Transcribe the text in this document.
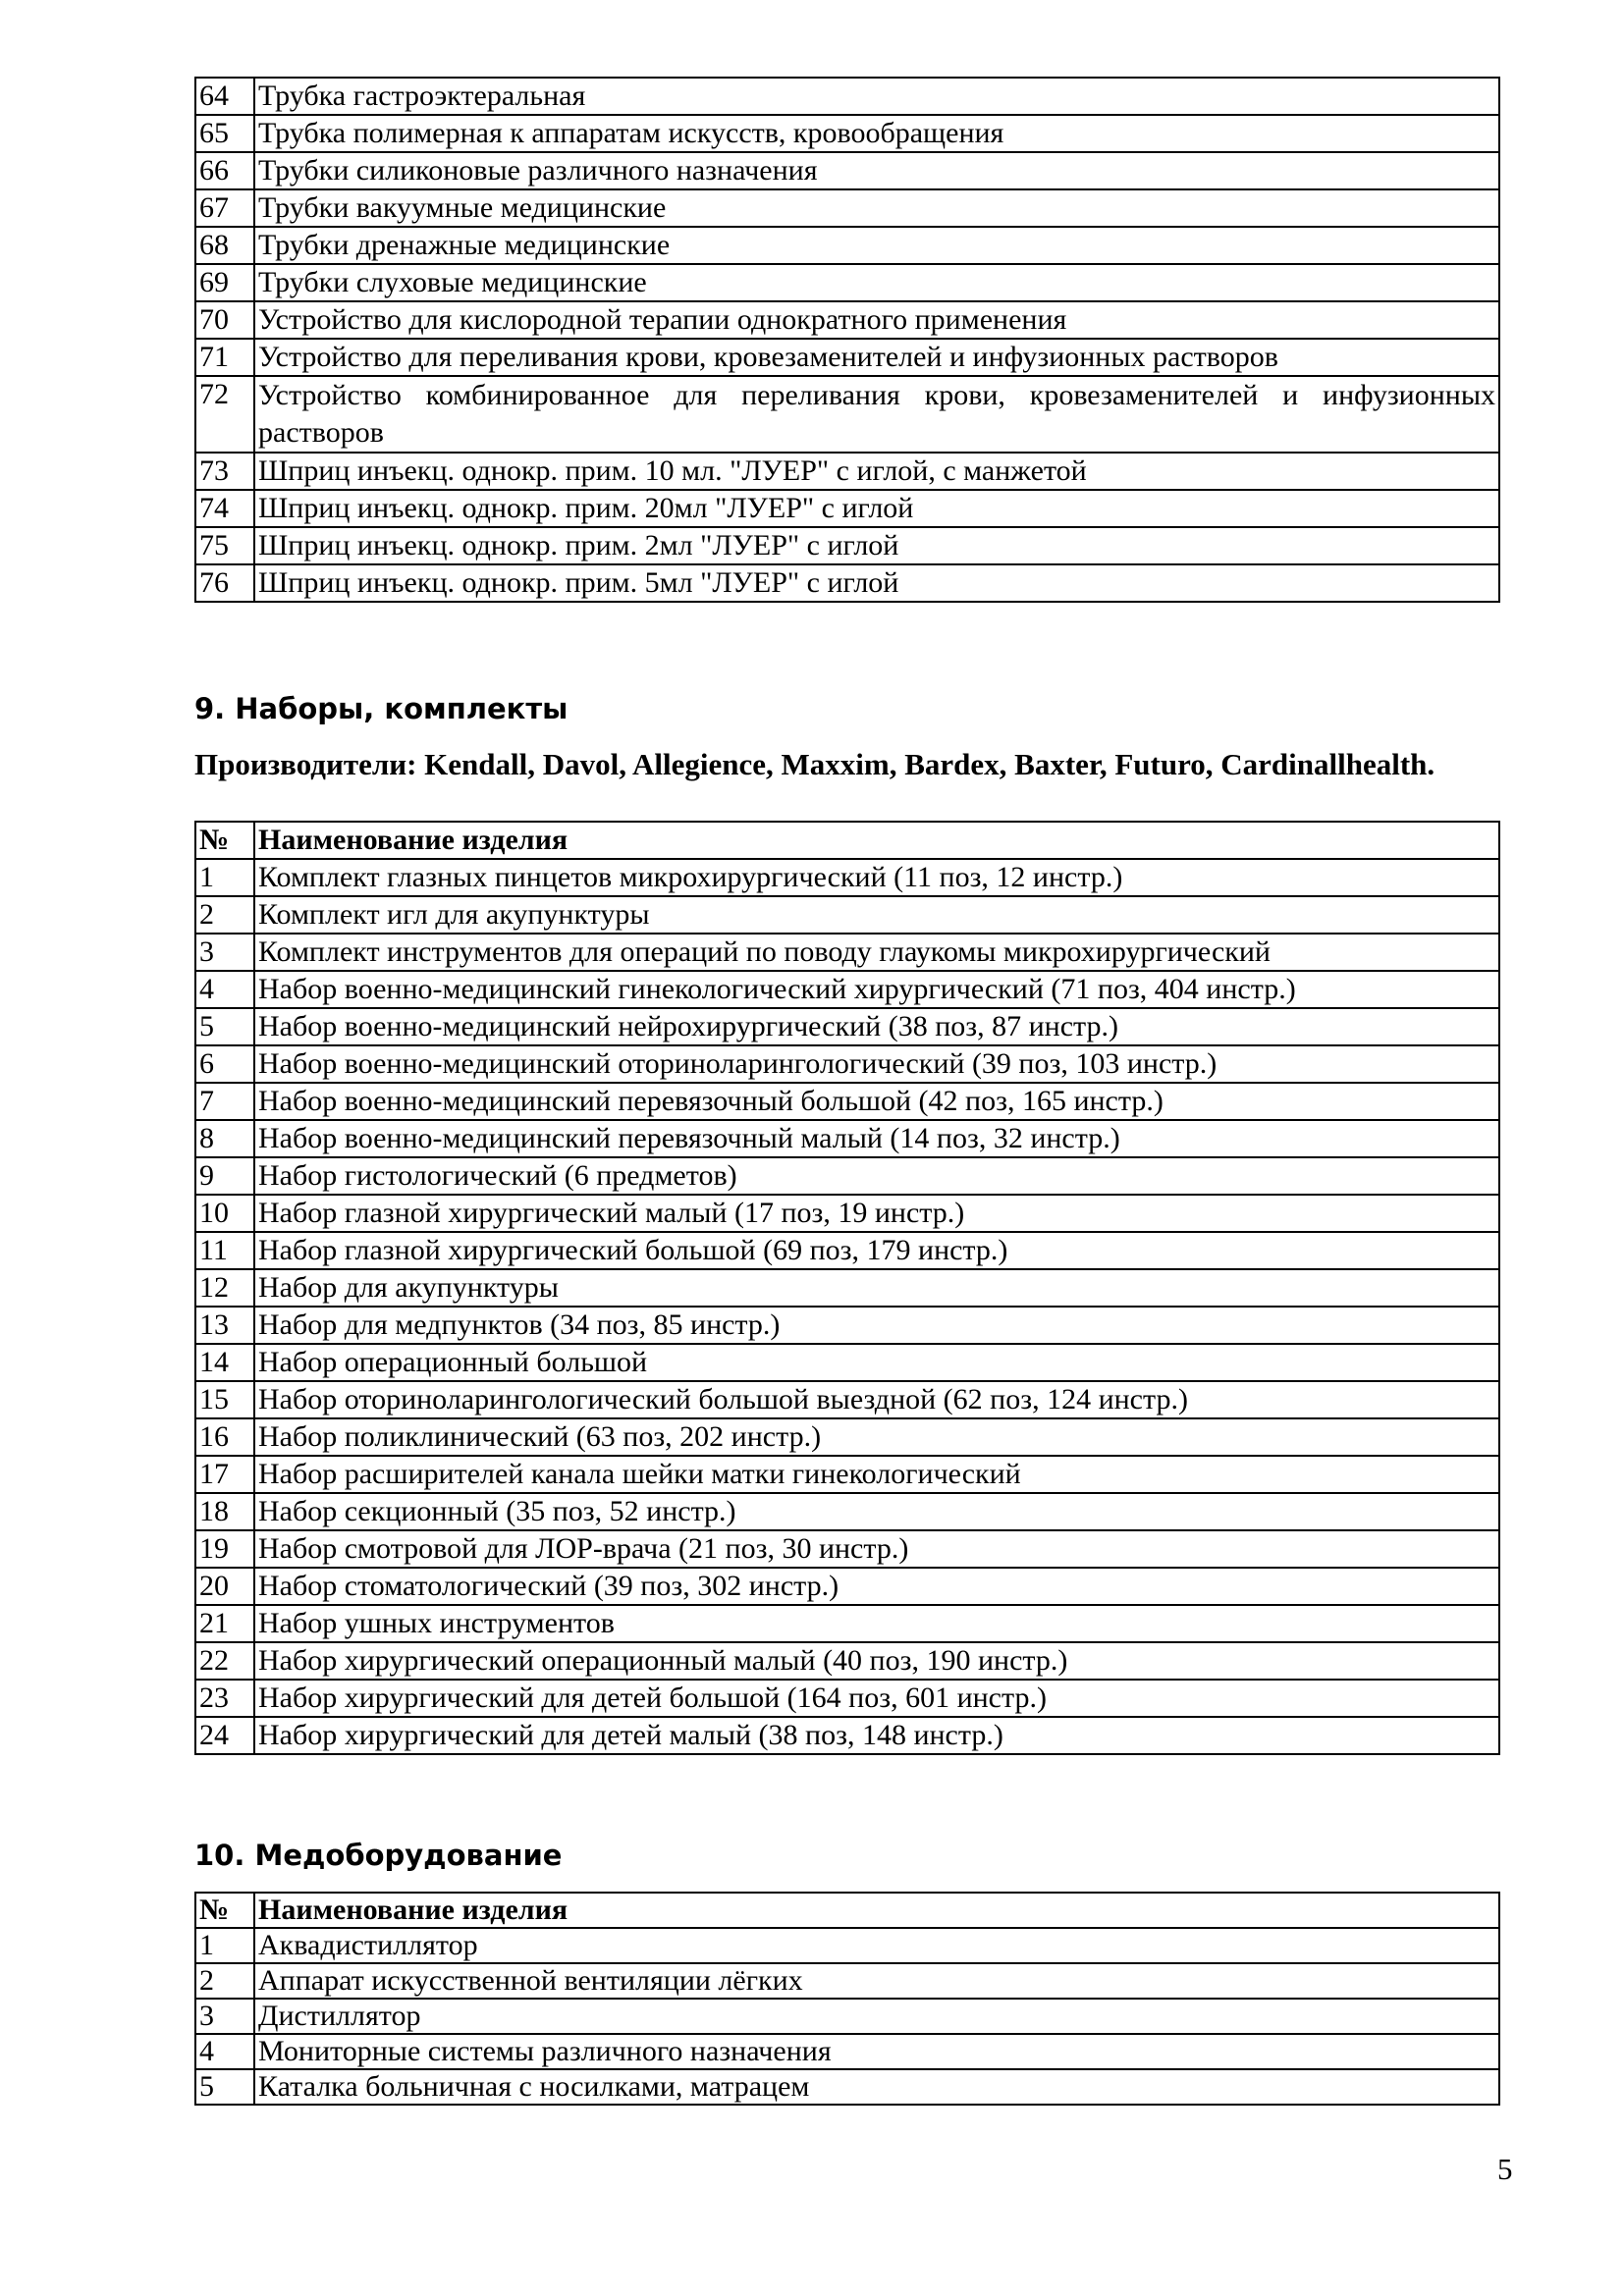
64	Трубка гастроэктеральная
65	Трубка полимерная к аппаратам искусств, кровообращения
66	Трубки силиконовые различного назначения
67	Трубки вакуумные медицинские
68	Трубки дренажные медицинские
69	Трубки слуховые медицинские
70	Устройство для кислородной терапии однократного применения
71	Устройство для переливания крови, кровезаменителей и инфузионных растворов
72	Устройство комбинированное для переливания крови, кровезаменителей и инфузионных растворов
73	Шприц инъекц. однокр. прим. 10 мл. "ЛУЕР" с иглой, с манжетой
74	Шприц инъекц. однокр. прим. 20мл "ЛУЕР" с иглой
75	Шприц инъекц. однокр. прим. 2мл "ЛУЕР" с иглой
76	Шприц инъекц. однокр. прим. 5мл "ЛУЕР" с иглой
9. Наборы, комплекты
Производители: Kendall, Davol, Allegience, Maxxim, Bardex, Baxter, Futuro, Cardinallhealth.
№	Наименование изделия
1	Комплект глазных пинцетов микрохирургический (11 поз, 12 инстр.)
2	Комплект игл для акупунктуры
3	Комплект инструментов для операций по поводу глаукомы микрохирургический
4	Набор военно-медицинский гинекологический хирургический (71 поз, 404 инстр.)
5	Набор военно-медицинский нейрохирургический (38 поз, 87 инстр.)
6	Набор военно-медицинский оториноларингологический (39 поз, 103 инстр.)
7	Набор военно-медицинский перевязочный большой (42 поз, 165 инстр.)
8	Набор военно-медицинский перевязочный малый (14 поз, 32 инстр.)
9	Набор гистологический (6 предметов)
10	Набор глазной хирургический малый (17 поз, 19 инстр.)
11	Набор глазной хирургический большой (69 поз, 179 инстр.)
12	Набор для акупунктуры
13	Набор для медпунктов (34 поз, 85 инстр.)
14	Набор операционный большой
15	Набор оториноларингологический большой выездной (62 поз, 124 инстр.)
16	Набор поликлинический (63 поз, 202 инстр.)
17	Набор расширителей канала шейки матки гинекологический
18	Набор секционный (35 поз, 52 инстр.)
19	Набор смотровой для ЛОР-врача (21 поз, 30 инстр.)
20	Набор стоматологический (39 поз, 302 инстр.)
21	Набор ушных инструментов
22	Набор хирургический операционный малый (40 поз, 190 инстр.)
23	Набор хирургический для детей большой (164 поз, 601 инстр.)
24	Набор хирургический для детей малый (38 поз, 148 инстр.)
10. Медоборудование
№	Наименование изделия
1	Аквадистиллятор
2	Аппарат искусственной вентиляции лёгких
3	Дистиллятор
4	Мониторные системы различного назначения
5	Каталка больничная с носилками, матрацем
5
